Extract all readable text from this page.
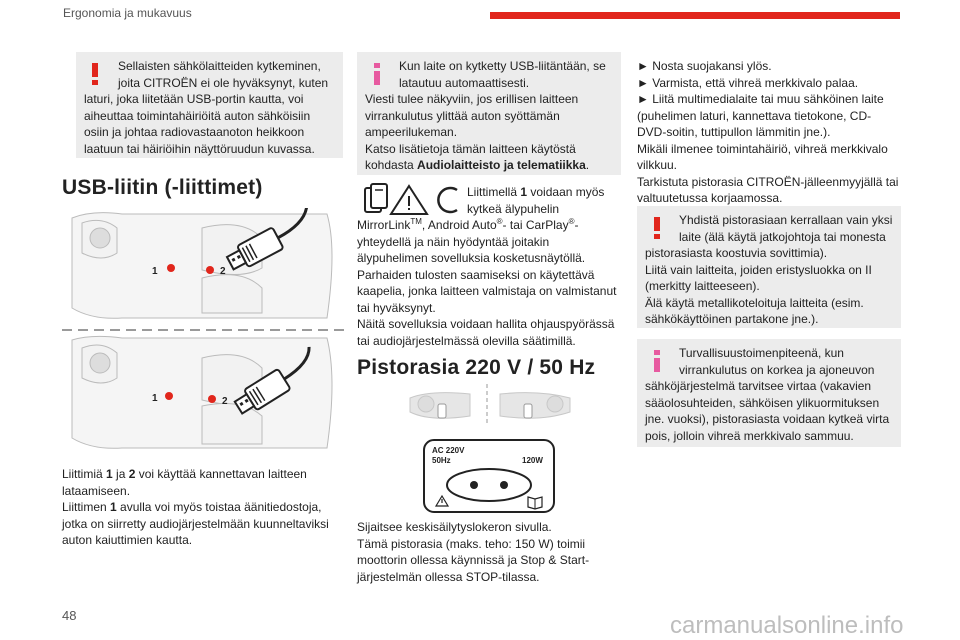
Ergonomia ja mukavuus
Sellaisten sähkölaitteiden kytkeminen,
joita CITROËN ei ole hyväksynyt, kuten

laturi, joka liitetään USB-portin kautta, voi aiheuttaa toimintahäiriöitä auton sähköisiin osiin ja johtaa radiovastaanoton heikkoon laatuun tai häiriöihin näyttöruudun kuvassa.

USB-liitin (-liittimet)
1	2
1	2

Liittimiä 1 ja 2 voi käyttää kannettavan laitteen lataamiseen.

Liittimen 1 avulla voi myös toistaa äänitiedostoja, jotka on siirretty audiojärjestelmään kuunneltaviksi auton kaiuttimien kautta.

Kun laite on kytketty USB-liitäntään, se
latautuu automaattisesti.

Viesti tulee näkyviin, jos erillisen laitteen virrankulutus ylittää auton syöttämän ampeerilukeman.

Katso lisätietoja tämän laitteen käytöstä kohdasta Audiolaitteisto ja telematiikka.

Liittimellä 1 voidaan myös

kytkeä älypuhelin

MirrorLink™, Android Auto®- tai CarPlay®-yhteydellä ja näin hyödyntää joitakin älypuhelimen sovelluksia kosketusnäytöllä.

Parhaiden tulosten saamiseksi on käytettävä kaapelia, jonka laitteen valmistaja on valmistanut tai hyväksynyt.

Näitä sovelluksia voidaan hallita ohjauspyörässä tai audiojärjestelmässä olevilla säätimillä.

Pistorasia 220 V / 50 Hz
AC 220V
50Hz	120W

Sijaitsee keskisäilytyslokeron sivulla.

Tämä pistorasia (maks. teho: 150 W) toimii moottorin ollessa käynnissä ja Stop & Start-järjestelmän ollessa STOP-tilassa.

► Nosta suojakansi ylös.

► Varmista, että vihreä merkkivalo palaa.

► Liitä multimedialaite tai muu sähköinen laite (puhelimen laturi, kannettava tietokone, CD-DVD-soitin, tuttipullon lämmitin jne.).

Mikäli ilmenee toimintahäiriö, vihreä merkkivalo vilkkuu.

Tarkistuta pistorasia CITROËN-jälleenmyyjällä tai valtuutetussa korjaamossa.

Yhdistä pistorasiaan kerrallaan vain yksi
laite (älä käytä jatkojohtoja tai monesta

pistorasiasta koostuvia sovittimia).

Liitä vain laitteita, joiden eristysluokka on II (merkitty laitteeseen).

Älä käytä metallikoteloituja laitteita (esim. sähkökäyttöinen partakone jne.).

Turvallisuustoimenpiteenä, kun
virrankulutus on korkea ja ajoneuvon

sähköjärjestelmä tarvitsee virtaa (vakavien sääolosuhteiden, sähköisen ylikuormituksen jne. vuoksi), pistorasiasta voidaan kytkeä virta pois, jolloin vihreä merkkivalo sammuu.

48	carmanualsonline.info
